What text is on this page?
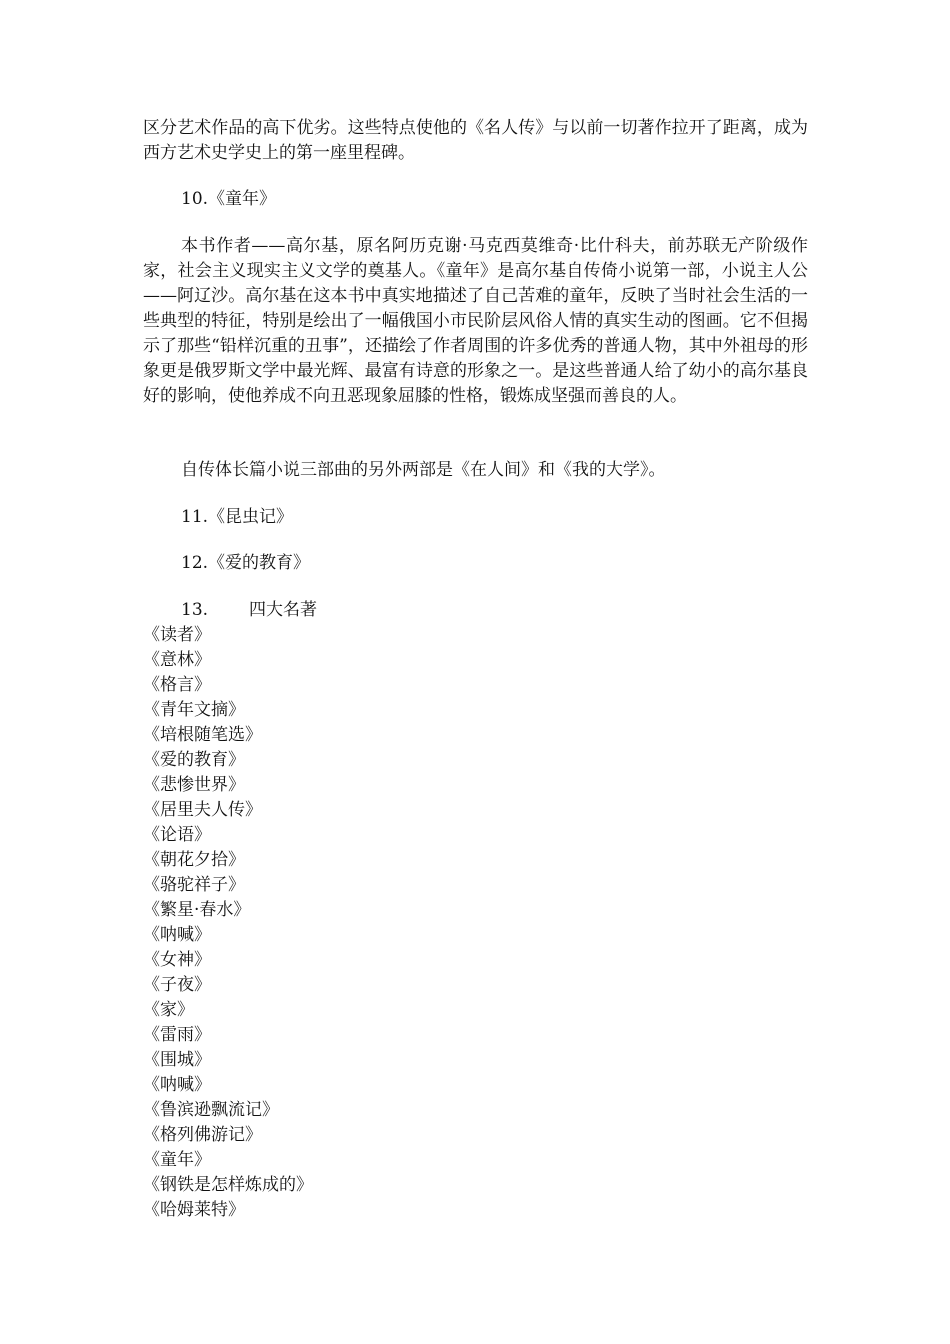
区分艺术作品的高下优劣。这些特点使他的《名人传》与以前一切著作拉开了距离，成为西方艺术史学史上的第一座里程碑。

10.《童年》

本书作者——高尔基，原名阿历克谢·马克西莫维奇·比什科夫，前苏联无产阶级作家，社会主义现实主义文学的奠基人。《童年》是高尔基自传倚小说第一部，小说主人公——阿辽沙。高尔基在这本书中真实地描述了自己苦难的童年，反映了当时社会生活的一些典型的特征，特别是绘出了一幅俄国小市民阶层风俗人情的真实生动的图画。它不但揭示了那些“铅样沉重的丑事”，还描绘了作者周围的许多优秀的普通人物，其中外祖母的形象更是俄罗斯文学中最光辉、最富有诗意的形象之一。是这些普通人给了幼小的高尔基良好的影响，使他养成不向丑恶现象屈膝的性格，锻炼成坚强而善良的人。

自传体长篇小说三部曲的另外两部是《在人间》和《我的大学》。

11.《昆虫记》

12.《爱的教育》

13. 四大名著

《读者》
《意林》
《格言》
《青年文摘》
《培根随笔选》
《爱的教育》
《悲惨世界》
《居里夫人传》
《论语》
《朝花夕拾》
《骆驼祥子》
《繁星·春水》
《呐喊》
《女神》
《子夜》
《家》
《雷雨》
《围城》
《呐喊》
《鲁滨逊飘流记》
《格列佛游记》
《童年》
《钢铁是怎样炼成的》
《哈姆莱特》
